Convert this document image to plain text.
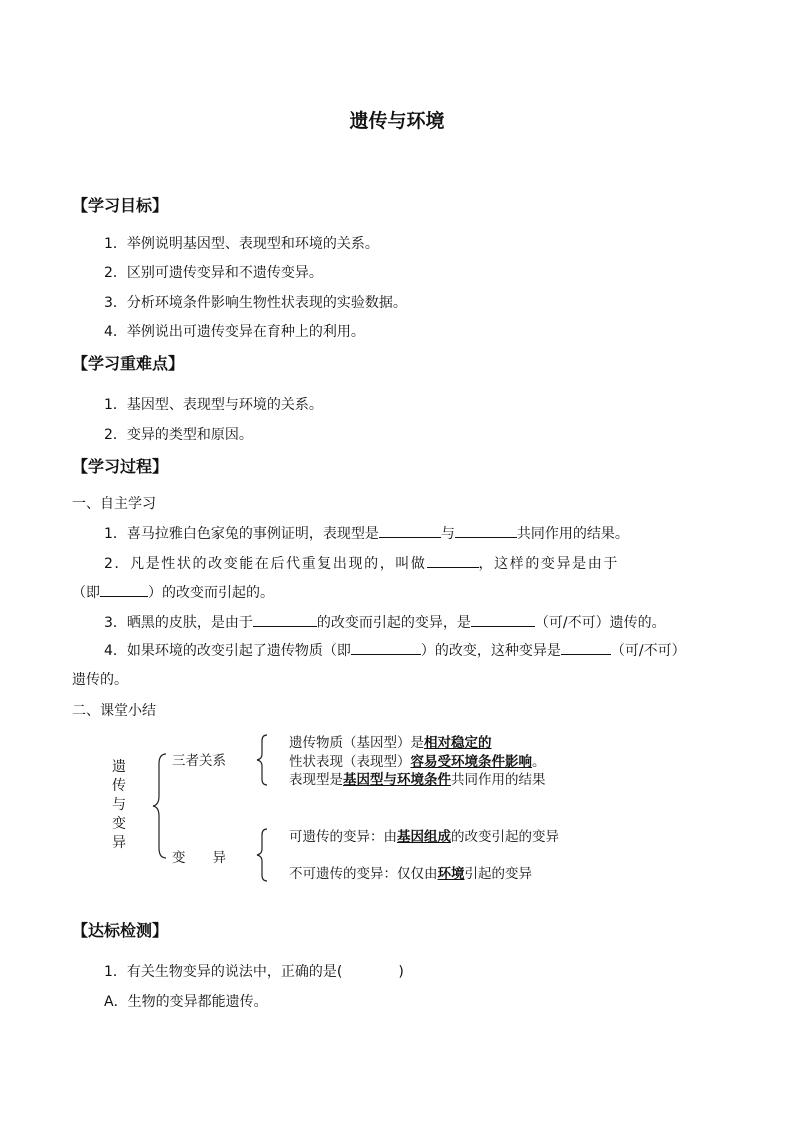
遗传与环境
【学习目标】
1．举例说明基因型、表现型和环境的关系。
2．区别可遗传变异和不遗传变异。
3．分析环境条件影响生物性状表现的实验数据。
4．举例说出可遗传变异在育种上的利用。
【学习重难点】
1．基因型、表现型与环境的关系。
2．变异的类型和原因。
【学习过程】
一、自主学习
1．喜马拉雅白色家兔的事例证明，表现型是	与	共同作用的结果。
2．凡是性状的改变能在后代重复出现的，叫做	，这样的变异是由于
（即	）的改变而引起的。
3．晒黑的皮肤，是由于	的改变而引起的变异，是	（可/不可）遗传的。
4．如果环境的改变引起了遗传物质（即	）的改变，这种变异是	（可/不可）
遗传的。
二、课堂小结
遗传与变异
三者关系
变　　异
遗传物质（基因型）是相对稳定的
性状表现（表现型）容易受环境条件影响。
表现型是基因型与环境条件共同作用的结果
可遗传的变异：由基因组成的改变引起的变异
不可遗传的变异：仅仅由环境引起的变异
【达标检测】
1．有关生物变异的说法中，正确的是(　　　　)
A．生物的变异都能遗传。
